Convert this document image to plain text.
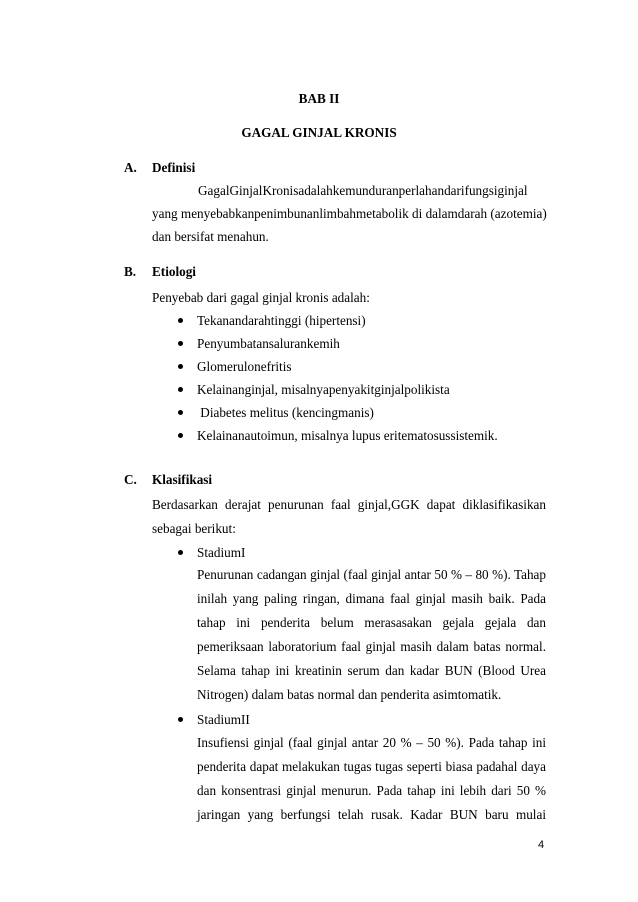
BAB II
GAGAL GINJAL KRONIS
A. Definisi
GagalGinjalKronisadalahkemunduranperlahandarifungsiginjal
yang menyebabkanpenimbunanlimbahmetabolik di dalamdarah (azotemia)
dan bersifat menahun.
B. Etiologi
Penyebab dari gagal ginjal kronis adalah:
Tekanandarahtinggi (hipertensi)
Penyumbatansalurankemih
Glomerulonefritis
Kelainanginjal, misalnyapenyakitginjalpolikista
Diabetes melitus (kencingmanis)
Kelainanautoimun, misalnya lupus eritematosussistemik.
C. Klasifikasi
Berdasarkan derajat penurunan faal ginjal,GGK dapat diklasifikasikan
sebagai berikut:
StadiumI
Penurunan cadangan ginjal (faal ginjal antar 50 % – 80 %). Tahap
inilah yang paling ringan, dimana faal ginjal masih baik. Pada
tahap ini penderita belum merasasakan gejala gejala dan
pemeriksaan laboratorium faal ginjal masih dalam batas normal.
Selama tahap ini kreatinin serum dan kadar BUN (Blood Urea
Nitrogen) dalam batas normal dan penderita asimtomatik.
StadiumII
Insufiensi ginjal (faal ginjal antar 20 % – 50 %). Pada tahap ini
penderita dapat melakukan tugas tugas seperti biasa padahal daya
dan konsentrasi ginjal menurun. Pada tahap ini lebih dari 50 %
jaringan yang berfungsi telah rusak. Kadar BUN baru mulai
4
